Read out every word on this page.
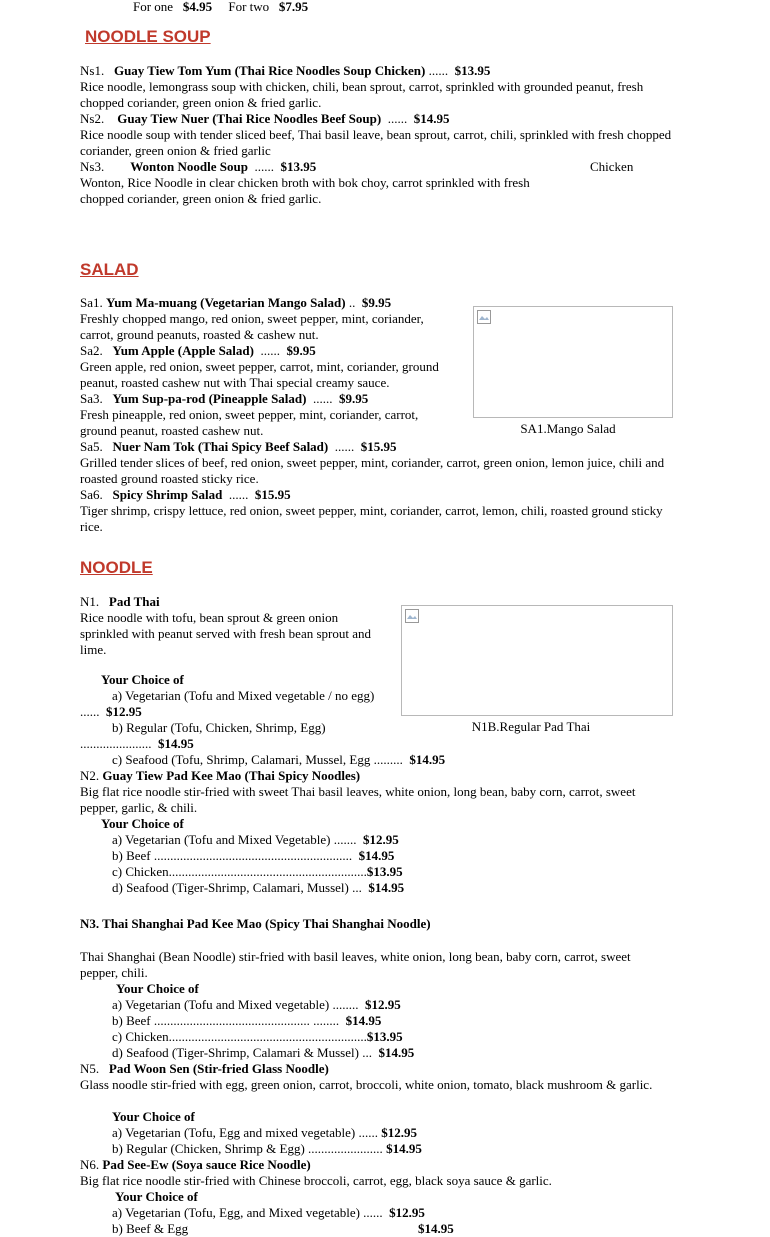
For one $4.95 For two $7.95
NOODLE SOUP
Ns1. Guay Tiew Tom Yum (Thai Rice Noodles Soup Chicken) ...... $13.95
Rice noodle, lemongrass soup with chicken, chili, bean sprout, carrot, sprinkled with grounded peanut, fresh chopped coriander, green onion & fried garlic.
Ns2. Guay Tiew Nuer (Thai Rice Noodles Beef Soup) ...... $14.95
Rice noodle soup with tender sliced beef, Thai basil leave, bean sprout, carrot, chili, sprinkled with fresh chopped coriander, green onion & fried garlic
Ns3. Wonton Noodle Soup ...... $13.95	Chicken
Wonton, Rice Noodle in clear chicken broth with bok choy, carrot sprinkled with fresh chopped coriander, green onion & fried garlic.
SALAD
SA1.Mango Salad
Sa1. Yum Ma-muang (Vegetarian Mango Salad) .. $9.95
Freshly chopped mango, red onion, sweet pepper, mint, coriander, carrot, ground peanuts, roasted & cashew nut.
Sa2. Yum Apple (Apple Salad) ...... $9.95
Green apple, red onion, sweet pepper, carrot, mint, coriander, ground peanut, roasted cashew nut with Thai special creamy sauce.
Sa3. Yum Sup-pa-rod (Pineapple Salad) ...... $9.95
Fresh pineapple, red onion, sweet pepper, mint, coriander, carrot, ground peanut, roasted cashew nut.
Sa5. Nuer Nam Tok (Thai Spicy Beef Salad) ...... $15.95
Grilled tender slices of beef, red onion, sweet pepper, mint, coriander, carrot, green onion, lemon juice, chili and roasted ground roasted sticky rice.
Sa6. Spicy Shrimp Salad ...... $15.95
Tiger shrimp, crispy lettuce, red onion, sweet pepper, mint, coriander, carrot, lemon, chili, roasted ground sticky rice.
NOODLE
N1B.Regular Pad Thai
N1. Pad Thai
Rice noodle with tofu, bean sprout & green onion sprinkled with peanut served with fresh bean sprout and lime.
Your Choice of
a) Vegetarian (Tofu and Mixed vegetable / no egg) ...... $12.95
b) Regular (Tofu, Chicken, Shrimp, Egg)
...................... $14.95
c) Seafood (Tofu, Shrimp, Calamari, Mussel, Egg ......... $14.95
N2. Guay Tiew Pad Kee Mao (Thai Spicy Noodles)
Big flat rice noodle stir-fried with sweet Thai basil leaves, white onion, long bean, baby corn, carrot, sweet pepper, garlic, & chili.
Your Choice of
a) Vegetarian (Tofu and Mixed Vegetable) ....... $12.95
b) Beef ............................................................. $14.95
c) Chicken.............................................................$13.95
d) Seafood (Tiger-Shrimp, Calamari, Mussel) ... $14.95
N3. Thai Shanghai Pad Kee Mao (Spicy Thai Shanghai Noodle)
Thai Shanghai (Bean Noodle) stir-fried with basil leaves, white onion, long bean, baby corn, carrot, sweet pepper, chili.
Your Choice of
a) Vegetarian (Tofu and Mixed vegetable) ........ $12.95
b) Beef ................................................ ........ $14.95
c) Chicken.............................................................$13.95
d) Seafood (Tiger-Shrimp, Calamari & Mussel) ... $14.95
N5. Pad Woon Sen (Stir-fried Glass Noodle)
Glass noodle stir-fried with egg, green onion, carrot, broccoli, white onion, tomato, black mushroom & garlic.
Your Choice of
a) Vegetarian (Tofu, Egg and mixed vegetable) ...... $12.95
b) Regular (Chicken, Shrimp & Egg) ....................... $14.95
N6. Pad See-Ew (Soya sauce Rice Noodle)
Big flat rice noodle stir-fried with Chinese broccoli, carrot, egg, black soya sauce & garlic.
Your Choice of
a) Vegetarian (Tofu, Egg, and Mixed vegetable) ...... $12.95
b) Beef & Egg	$14.95
